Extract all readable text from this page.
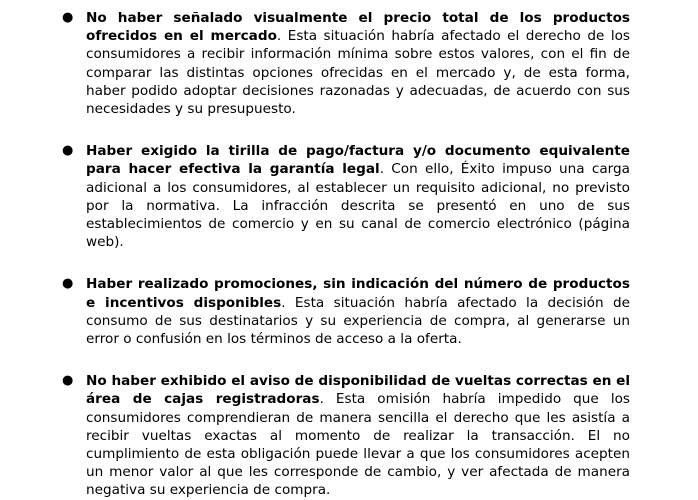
● No haber señalado visualmente el precio total de los productos ofrecidos en el mercado. Esta situación habría afectado el derecho de los consumidores a recibir información mínima sobre estos valores, con el fin de comparar las distintas opciones ofrecidas en el mercado y, de esta forma, haber podido adoptar decisiones razonadas y adecuadas, de acuerdo con sus necesidades y su presupuesto.
● Haber exigido la tirilla de pago/factura y/o documento equivalente para hacer efectiva la garantía legal. Con ello, Éxito impuso una carga adicional a los consumidores, al establecer un requisito adicional, no previsto por la normativa. La infracción descrita se presentó en uno de sus establecimientos de comercio y en su canal de comercio electrónico (página web).
● Haber realizado promociones, sin indicación del número de productos e incentivos disponibles. Esta situación habría afectado la decisión de consumo de sus destinatarios y su experiencia de compra, al generarse un error o confusión en los términos de acceso a la oferta.
● No haber exhibido el aviso de disponibilidad de vueltas correctas en el área de cajas registradoras. Esta omisión habría impedido que los consumidores comprendieran de manera sencilla el derecho que les asistía a recibir vueltas exactas al momento de realizar la transacción. El no cumplimiento de esta obligación puede llevar a que los consumidores acepten un menor valor al que les corresponde de cambio, y ver afectada de manera negativa su experiencia de compra.
